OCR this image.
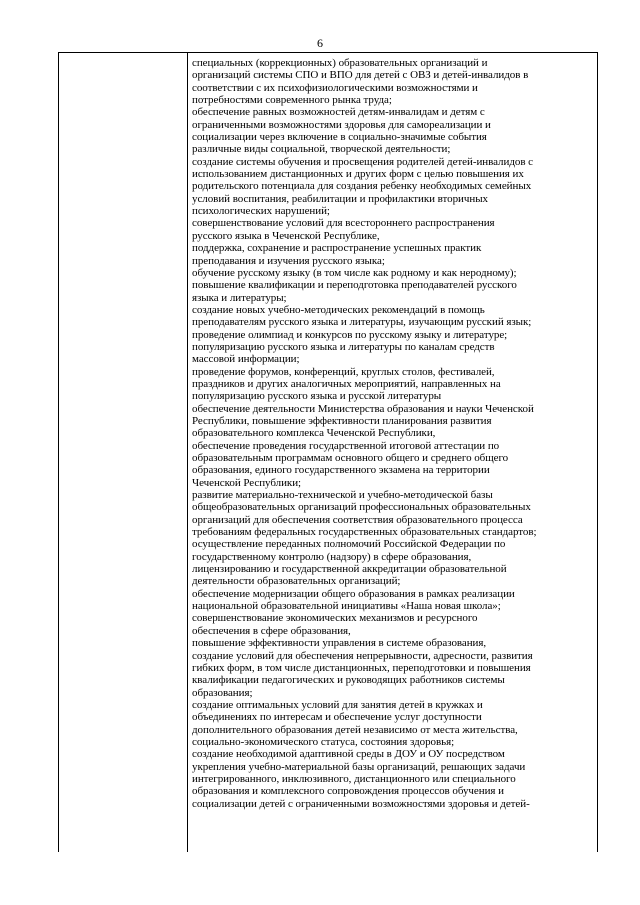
6
специальных (коррекционных) образовательных организаций и
организаций системы СПО и ВПО для детей с ОВЗ и детей-инвалидов в
соответствии с их психофизиологическими возможностями и
потребностями современного рынка труда;
обеспечение равных возможностей детям-инвалидам и детям с
ограниченными возможностями здоровья для самореализации и
социализации через включение в социально-значимые события
различные виды социальной, творческой деятельности;
создание системы обучения и просвещения родителей детей-инвалидов с
использованием дистанционных и других форм с целью повышения их
родительского потенциала для создания ребенку необходимых семейных
условий воспитания, реабилитации и профилактики вторичных
психологических нарушений;
совершенствование условий для всестороннего распространения
русского языка в Чеченской Республике,
поддержка, сохранение и распространение успешных практик
преподавания и изучения русского языка;
обучение русскому языку (в том числе как родному и как неродному);
повышение квалификации и переподготовка преподавателей русского
языка и литературы;
создание новых учебно-методических рекомендаций в помощь
преподавателям русского языка и литературы, изучающим русский язык;
проведение олимпиад и конкурсов по русскому языку и литературе;
популяризацию русского языка и литературы по каналам средств
массовой информации;
проведение форумов, конференций, круглых столов, фестивалей,
праздников и других аналогичных мероприятий, направленных на
популяризацию русского языка и русской литературы
обеспечение деятельности Министерства образования и науки Чеченской
Республики, повышение эффективности планирования развития
образовательного комплекса Чеченской Республики,
обеспечение проведения государственной итоговой аттестации по
образовательным программам основного общего и среднего общего
образования, единого государственного экзамена на территории
Чеченской Республики;
развитие материально-технической и учебно-методической базы
общеобразовательных организаций профессиональных образовательных
организаций для обеспечения соответствия образовательного процесса
требованиям федеральных государственных образовательных стандартов;
осуществление переданных полномочий Российской Федерации по
государственному контролю (надзору) в сфере образования,
лицензированию и государственной аккредитации образовательной
деятельности образовательных организаций;
обеспечение модернизации общего образования в рамках реализации
национальной образовательной инициативы «Наша новая школа»;
совершенствование экономических механизмов и ресурсного
обеспечения в сфере образования,
повышение эффективности управления в системе образования,
создание условий для обеспечения непрерывности, адресности, развития
гибких форм, в том числе дистанционных, переподготовки и повышения
квалификации педагогических и руководящих работников системы
образования;
создание оптимальных условий для занятия детей в кружках и
объединениях по интересам и обеспечение услуг доступности
дополнительного образования детей независимо от места жительства,
социально-экономического статуса, состояния здоровья;
создание необходимой адаптивной среды в ДОУ и ОУ посредством
укрепления учебно-материальной базы организаций, решающих задачи
интегрированного, инклюзивного, дистанционного или специального
образования и комплексного сопровождения процессов обучения и
социализации детей с ограниченными возможностями здоровья и детей-
